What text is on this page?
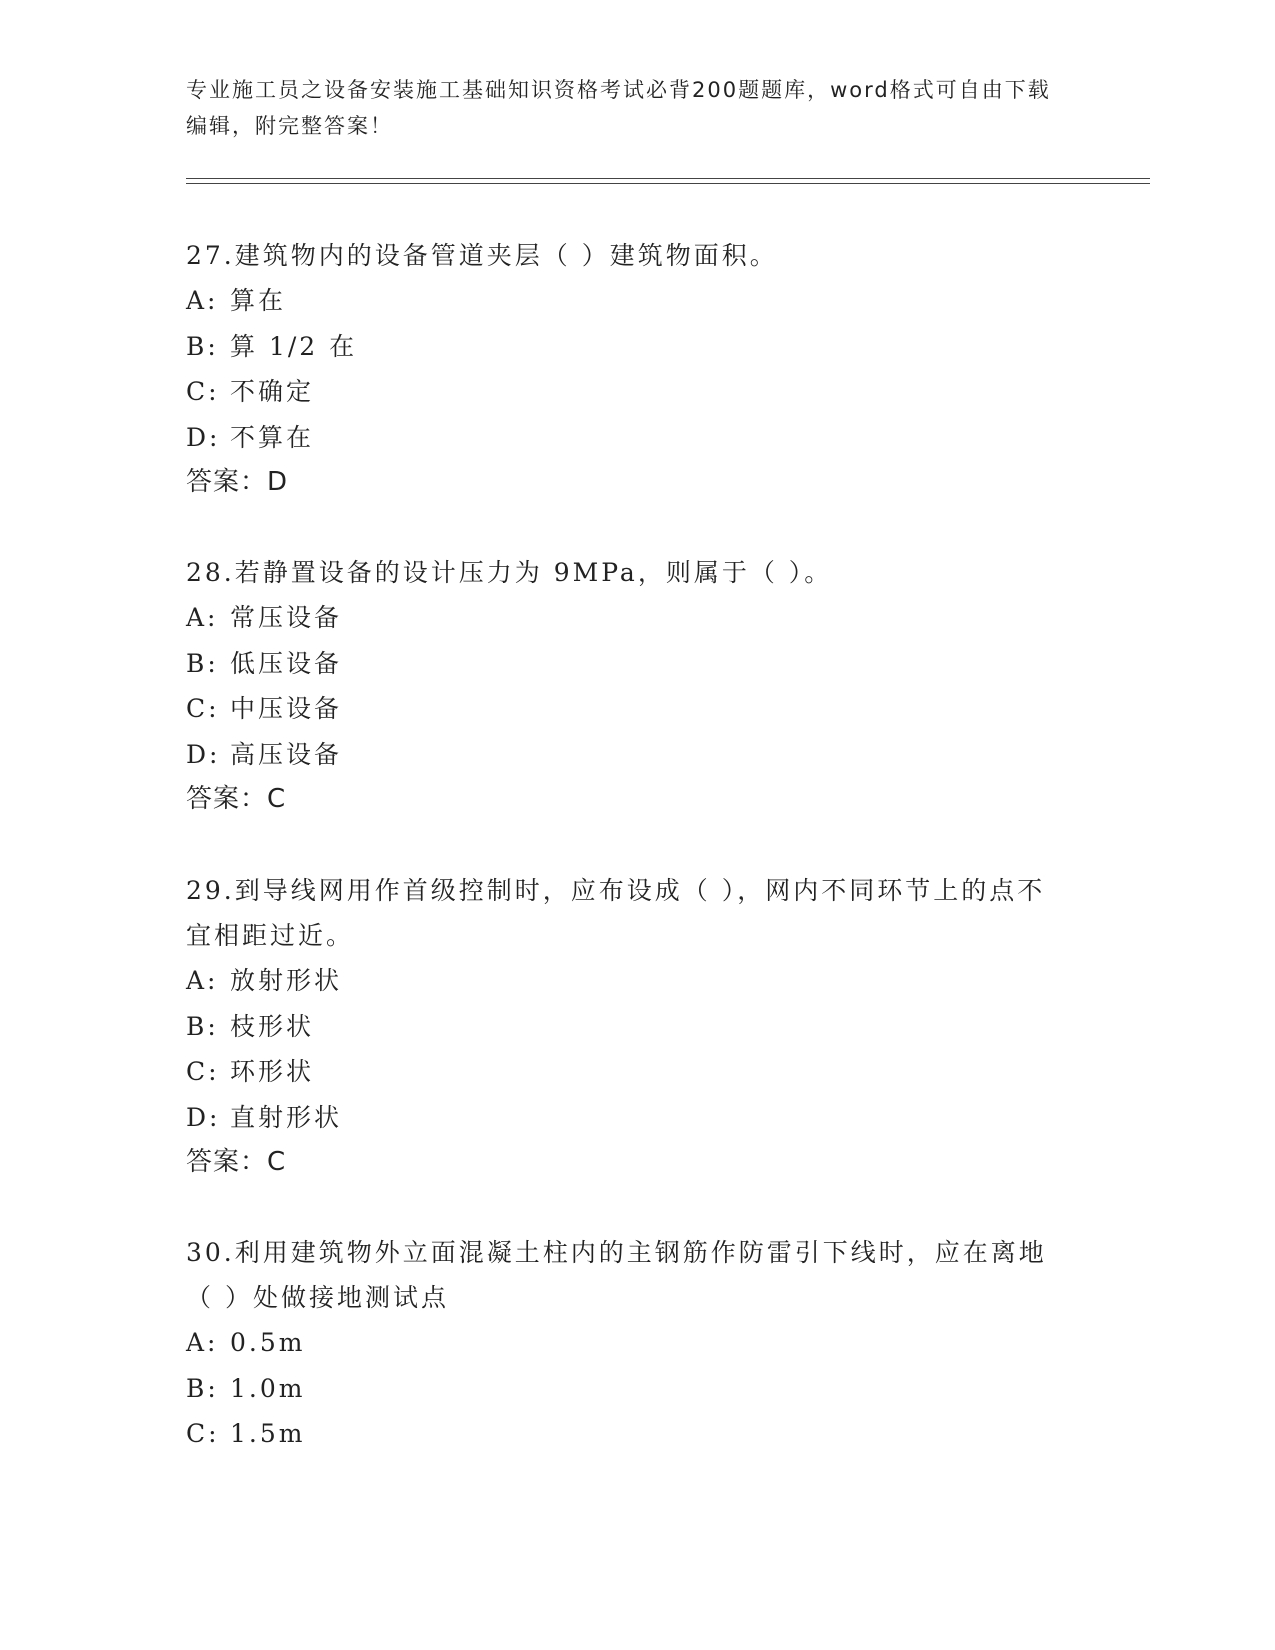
专业施工员之设备安装施工基础知识资格考试必背200题题库，word格式可自由下载编辑，附完整答案！

27.建筑物内的设备管道夹层（ ）建筑物面积。

A: 算在

B: 算 1/2 在

C: 不确定

D: 不算在

答案：D

28.若静置设备的设计压力为 9MPa，则属于（ ）。

A: 常压设备

B: 低压设备

C: 中压设备

D: 高压设备

答案：C

29.到导线网用作首级控制时，应布设成（ ），网内不同环节上的点不宜相距过近。

A: 放射形状

B: 枝形状

C: 环形状

D: 直射形状

答案：C

30.利用建筑物外立面混凝土柱内的主钢筋作防雷引下线时，应在离地（ ）处做接地测试点

A: 0.5m

B: 1.0m

C: 1.5m
